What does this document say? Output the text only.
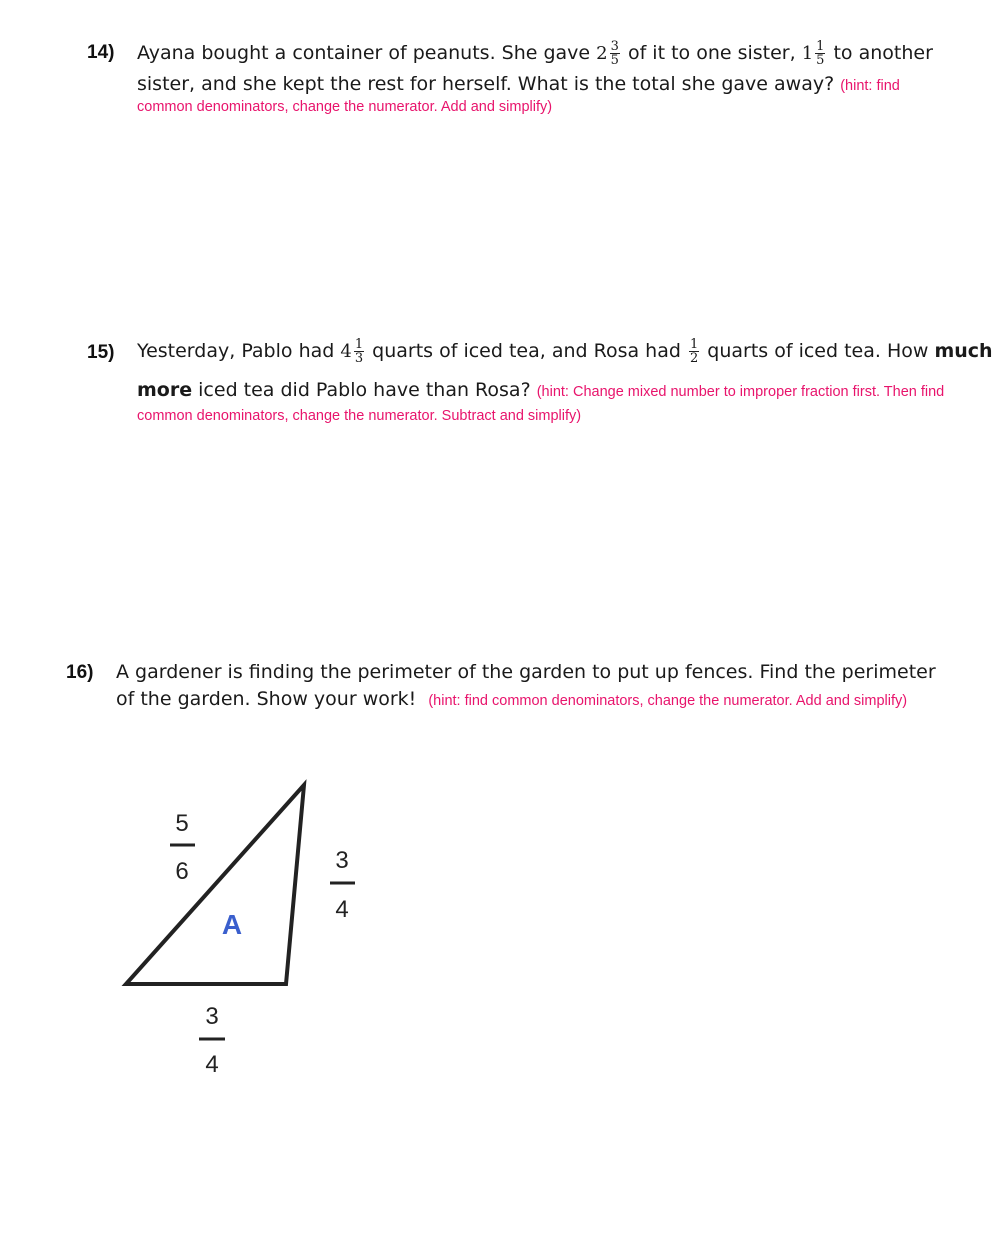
14) Ayana bought a container of peanuts. She gave $2 \frac{3}{5}$ of it to one sister, $1 \frac{1}{5}$ to another
sister, and she kept the rest for herself. What is the total she gave away? (hint: find
common denominators, change the numerator. Add and simplify)
15) Yesterday, Pablo had $4 \frac{1}{3}$ quarts of iced tea, and Rosa had $\frac{1}{2}$ quarts of iced tea. How much
more iced tea did Pablo have than Rosa? (hint: Change mixed number to improper fraction first. Then find
common denominators, change the numerator. Subtract and simplify)
16) A gardener is finding the perimeter of the garden to put up fences. Find the perimeter
of the garden. Show your work! (hint: find common denominators, change the numerator. Add and simplify)
A
5
6	3
4
3
4
